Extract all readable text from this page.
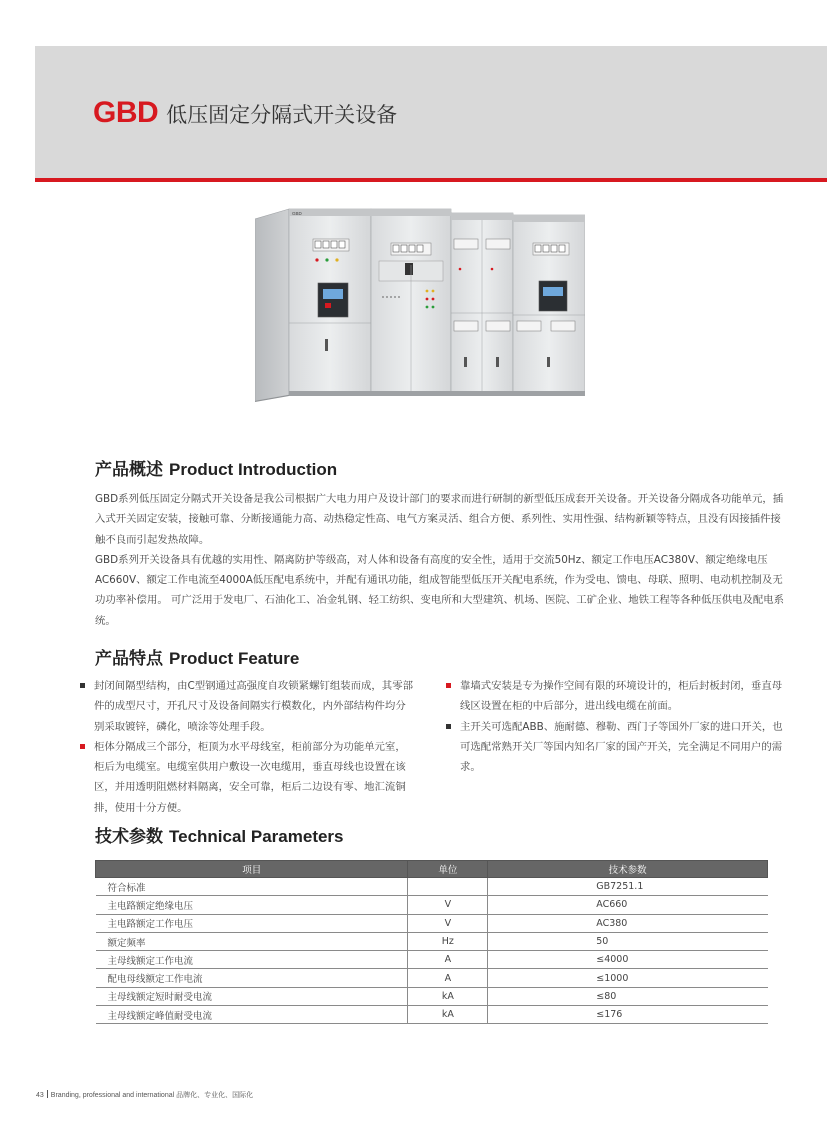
GBD 低压固定分隔式开关设备
GBD
产品概述 Product Introduction

GBD系列低压固定分隔式开关设备是我公司根据广大电力用户及设计部门的要求而进行研制的新型低压成套开关设备。开关设备分隔成各功能单元，插入式开关固定安装，接触可靠、分断接通能力高、动热稳定性高、电气方案灵活、组合方便、系列性、实用性强、结构新颖等特点，且没有因接插件接触不良而引起发热故障。

GBD系列开关设备具有优越的实用性、隔离防护等级高，对人体和设备有高度的安全性，适用于交流50Hz、额定工作电压AC380V、额定绝缘电压AC660V、额定工作电流至4000A低压配电系统中，并配有通讯功能，组成智能型低压开关配电系统，作为受电、馈电、母联、照明、电动机控制及无功功率补偿用。 可广泛用于发电厂、石油化工、冶金轧钢、轻工纺织、变电所和大型建筑、机场、医院、工矿企业、地铁工程等各种低压供电及配电系统。

产品特点 Product Feature
封闭间隔型结构，由C型钢通过高强度自攻锁紧螺钉组装而成，其零部件的成型尺寸，开孔尺寸及设备间隔实行模数化，内外部结构件均分别采取镀锌，磷化，喷涂等处理手段。
柜体分隔成三个部分，柜顶为水平母线室，柜前部分为功能单元室，柜后为电缆室。电缆室供用户敷设一次电缆用，垂直母线也设置在该区，并用透明阻燃材料隔离，安全可靠，柜后二边设有零、地汇流铜排，使用十分方便。
靠墙式安装是专为操作空间有限的环境设计的，柜后封板封闭，垂直母线区设置在柜的中后部分，进出线电缆在前面。
主开关可选配ABB、施耐德、穆勒、西门子等国外厂家的进口开关，也可选配常熟开关厂等国内知名厂家的国产开关，完全满足不同用户的需求。
技术参数 Technical Parameters
项目	单位	技术参数
符合标准		GB7251.1
主电路额定绝缘电压	V	AC660
主电路额定工作电压	V	AC380
额定频率	Hz	50
主母线额定工作电流	A	≤4000
配电母线额定工作电流	A	≤1000
主母线额定短时耐受电流	kA	≤80
主母线额定峰值耐受电流	kA	≤176
43 Branding, professional and international 品牌化、专业化、国际化
